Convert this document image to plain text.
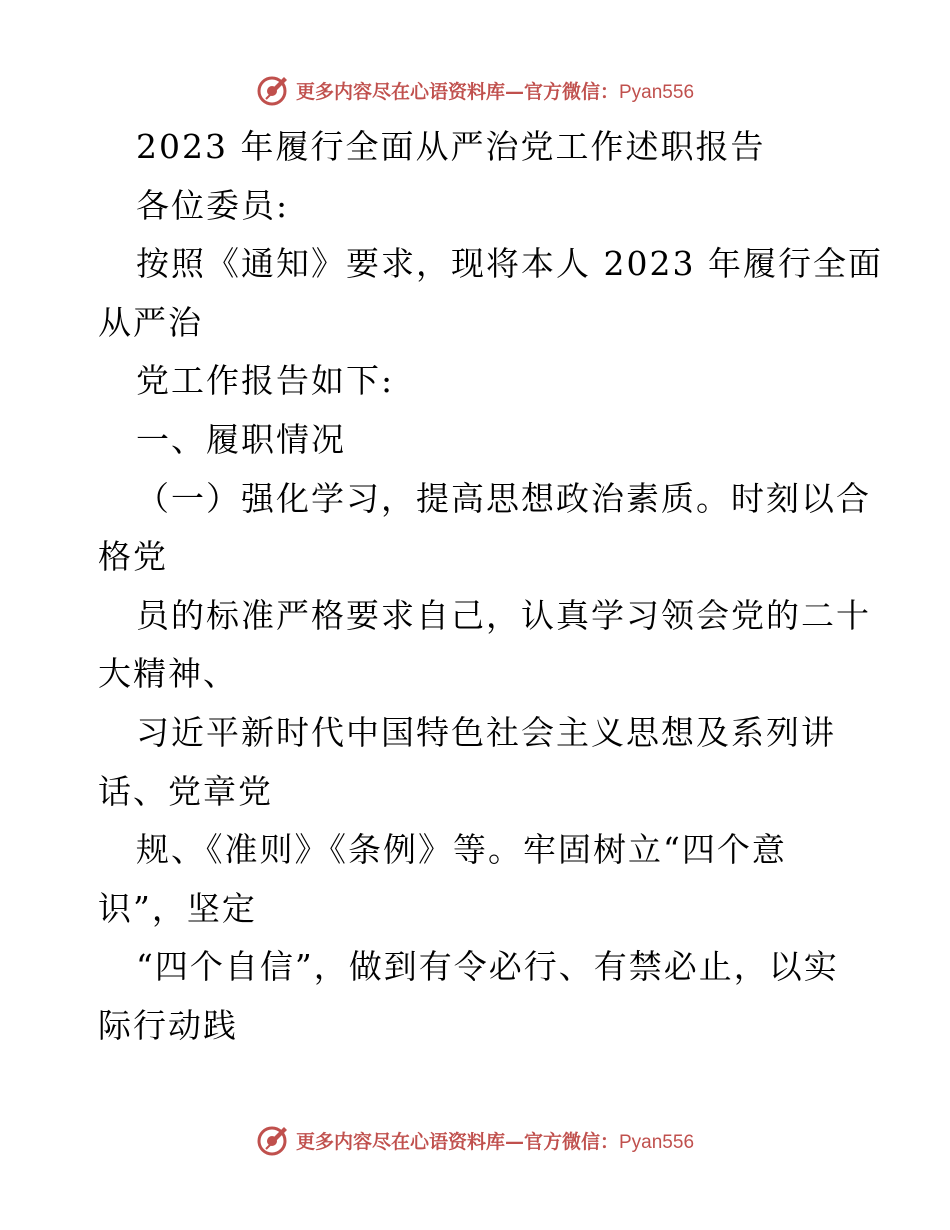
更多内容尽在心语资料库—官方微信：Pyan556
2023 年履行全面从严治党工作述职报告
各位委员:
按照《通知》要求，现将本人 2023 年履行全面
从严治
党工作报告如下:
一、履职情况
（一）强化学习，提高思想政治素质。时刻以合
格党
员的标准严格要求自己，认真学习领会党的二十
大精神、
习近平新时代中国特色社会主义思想及系列讲
话、党章党
规、《准则》《条例》等。牢固树立“四个意
识”，坚定
“四个自信”，做到有令必行、有禁必止，以实
际行动践
更多内容尽在心语资料库—官方微信：Pyan556
